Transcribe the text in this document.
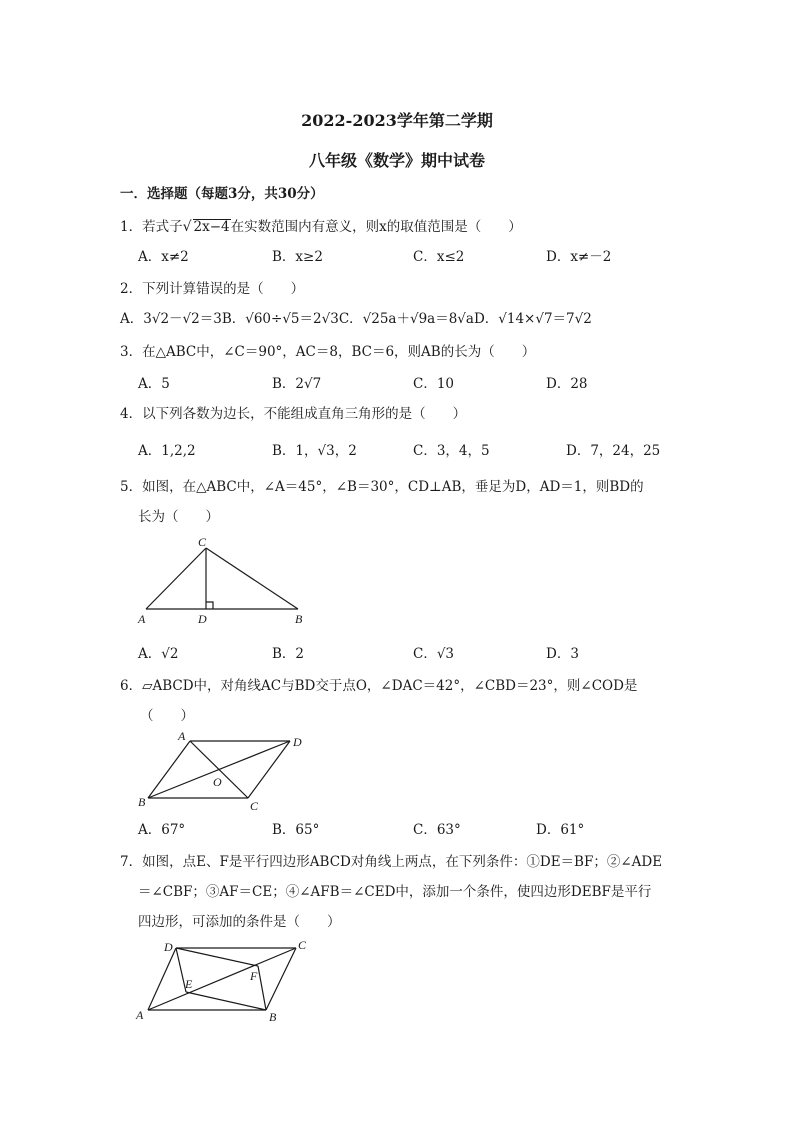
2022-2023学年第二学期
八年级《数学》期中试卷
一．选择题（每题3分，共30分）
1．若式子√ 2x−4在实数范围内有意义，则x的取值范围是（　　）
A．x≠2	B．x≥2	C．x≤2	D．x≠－2
2．下列计算错误的是（　　）
A．3√2－√2＝3B．√60÷√5＝2√3C．√25a＋√9a＝8√aD．√14×√7＝7√2
3．在△ABC中，∠C＝90°，AC＝8，BC＝6，则AB的长为（　　）
A．5	B．2√7	C．10	D．28
4．以下列各数为边长，不能组成直角三角形的是（　　）
A．1,2,2	B．1，√3，2	C．3，4，5	D．7，24，25
5．如图，在△ABC中，∠A＝45°，∠B＝30°，CD⊥AB，垂足为D，AD＝1，则BD的
长为（　　）
C
A	D	B
A．√2	B．2	C．√3	D．3
6．▱ABCD中，对角线AC与BD交于点O，∠DAC＝42°，∠CBD＝23°，则∠COD是
（　　）
A	D
O
B	C
A．67°	B．65°	C．63°	D．61°
7．如图，点E、F是平行四边形ABCD对角线上两点，在下列条件：①DE＝BF；②∠ADE
＝∠CBF；③AF＝CE；④∠AFB＝∠CED中，添加一个条件，使四边形DEBF是平行
四边形，可添加的条件是（　　）
D	C
E
F
A	B
